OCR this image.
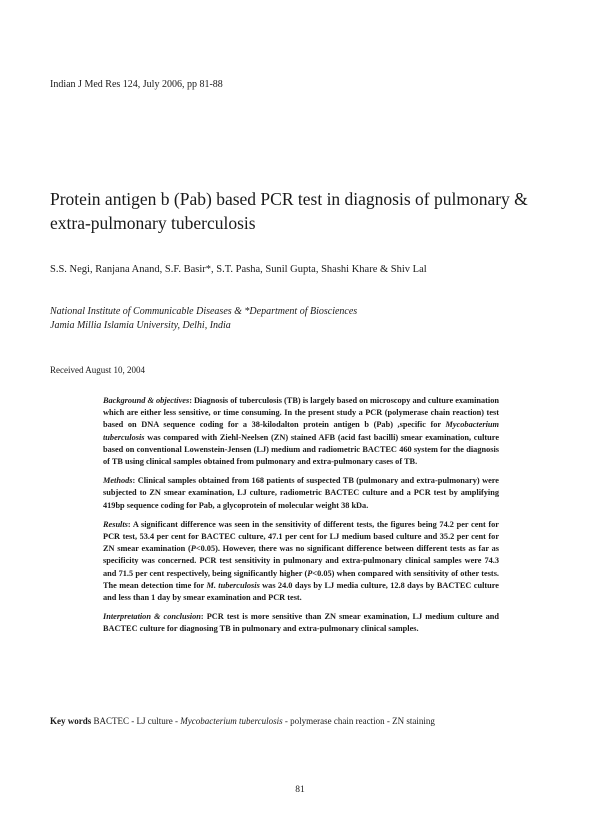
Indian J Med Res 124, July 2006, pp 81-88
Protein antigen b (Pab) based PCR test in diagnosis of pulmonary & extra-pulmonary tuberculosis
S.S. Negi, Ranjana Anand, S.F. Basir*, S.T. Pasha, Sunil Gupta, Shashi Khare & Shiv Lal
National Institute of Communicable Diseases & *Department of Biosciences
Jamia Millia Islamia University, Delhi, India
Received August 10, 2004

Background & objectives: Diagnosis of tuberculosis (TB) is largely based on microscopy and culture examination which are either less sensitive, or time consuming. In the present study a PCR (polymerase chain reaction) test based on DNA sequence coding for a 38-kilodalton protein antigen b (Pab) ,specific for Mycobacterium tuberculosis was compared with Ziehl-Neelsen (ZN) stained AFB (acid fast bacilli) smear examination, culture based on conventional Lowenstein-Jensen (LJ) medium and radiometric BACTEC 460 system for the diagnosis of TB using clinical samples obtained from pulmonary and extra-pulmonary cases of TB.

Methods: Clinical samples obtained from 168 patients of suspected TB (pulmonary and extra-pulmonary) were subjected to ZN smear examination, LJ culture, radiometric BACTEC culture and a PCR test by amplifying 419bp sequence coding for Pab, a glycoprotein of molecular weight 38 kDa.

Results: A significant difference was seen in the sensitivity of different tests, the figures being 74.2 per cent for PCR test, 53.4 per cent for BACTEC culture, 47.1 per cent for LJ medium based culture and 35.2 per cent for ZN smear examination (P<0.05). However, there was no significant difference between different tests as far as specificity was concerned. PCR test sensitivity in pulmonary and extra-pulmonary clinical samples were 74.3 and 71.5 per cent respectively, being significantly higher (P<0.05) when compared with sensitivity of other tests. The mean detection time for M. tuberculosis was 24.0 days by LJ media culture, 12.8 days by BACTEC culture and less than 1 day by smear examination and PCR test.

Interpretation & conclusion: PCR test is more sensitive than ZN smear examination, LJ medium culture and BACTEC culture for diagnosing TB in pulmonary and extra-pulmonary clinical samples.

Key words BACTEC - LJ culture - Mycobacterium tuberculosis - polymerase chain reaction - ZN staining
81
